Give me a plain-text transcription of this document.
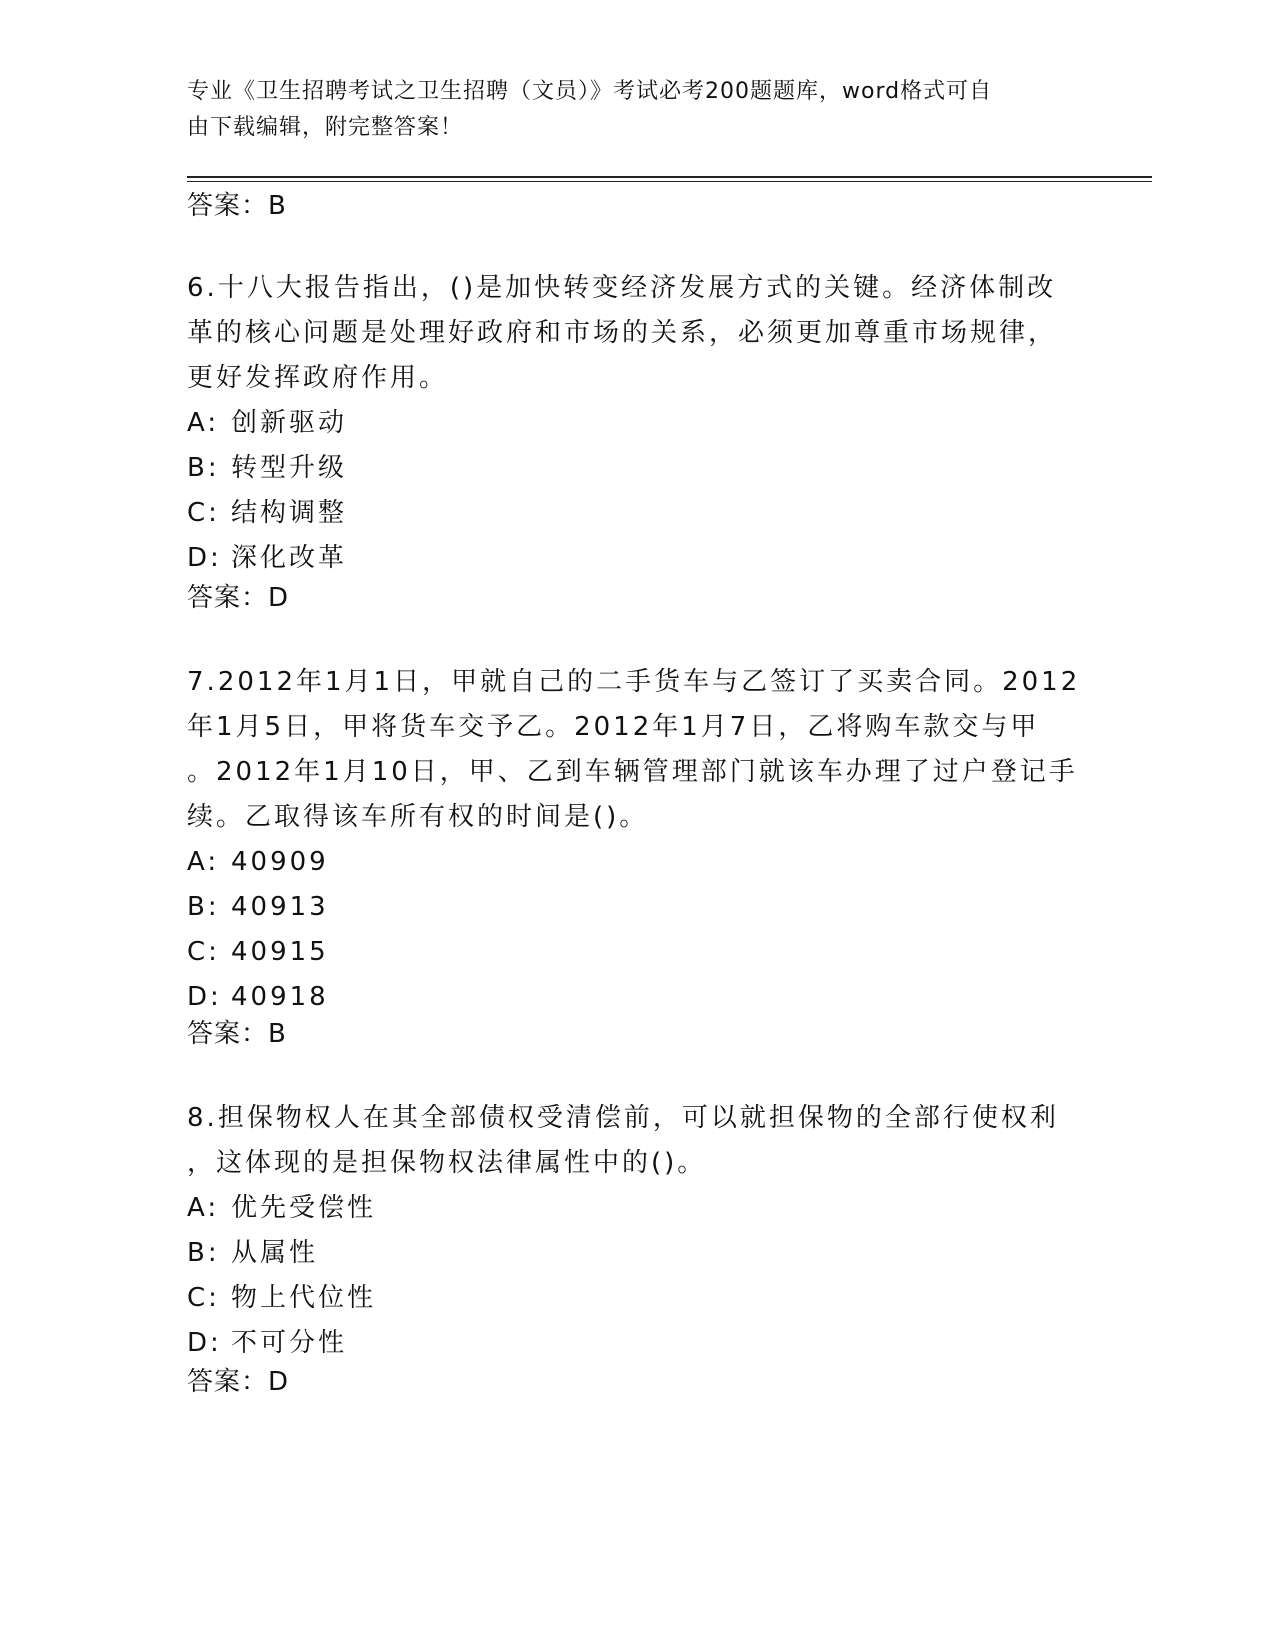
专业《卫生招聘考试之卫生招聘（文员）》考试必考200题题库，word格式可自
由下载编辑，附完整答案！
答案：B
6.十八大报告指出，()是加快转变经济发展方式的关键。经济体制改
革的核心问题是处理好政府和市场的关系，必须更加尊重市场规律，
更好发挥政府作用。
A: 创新驱动
B: 转型升级
C: 结构调整
D: 深化改革
答案：D
7.2012年1月1日，甲就自己的二手货车与乙签订了买卖合同。2012
年1月5日，甲将货车交予乙。2012年1月7日，乙将购车款交与甲
。2012年1月10日，甲、乙到车辆管理部门就该车办理了过户登记手
续。乙取得该车所有权的时间是()。
A: 40909
B: 40913
C: 40915
D: 40918
答案：B
8.担保物权人在其全部债权受清偿前，可以就担保物的全部行使权利
，这体现的是担保物权法律属性中的()。
A: 优先受偿性
B: 从属性
C: 物上代位性
D: 不可分性
答案：D
